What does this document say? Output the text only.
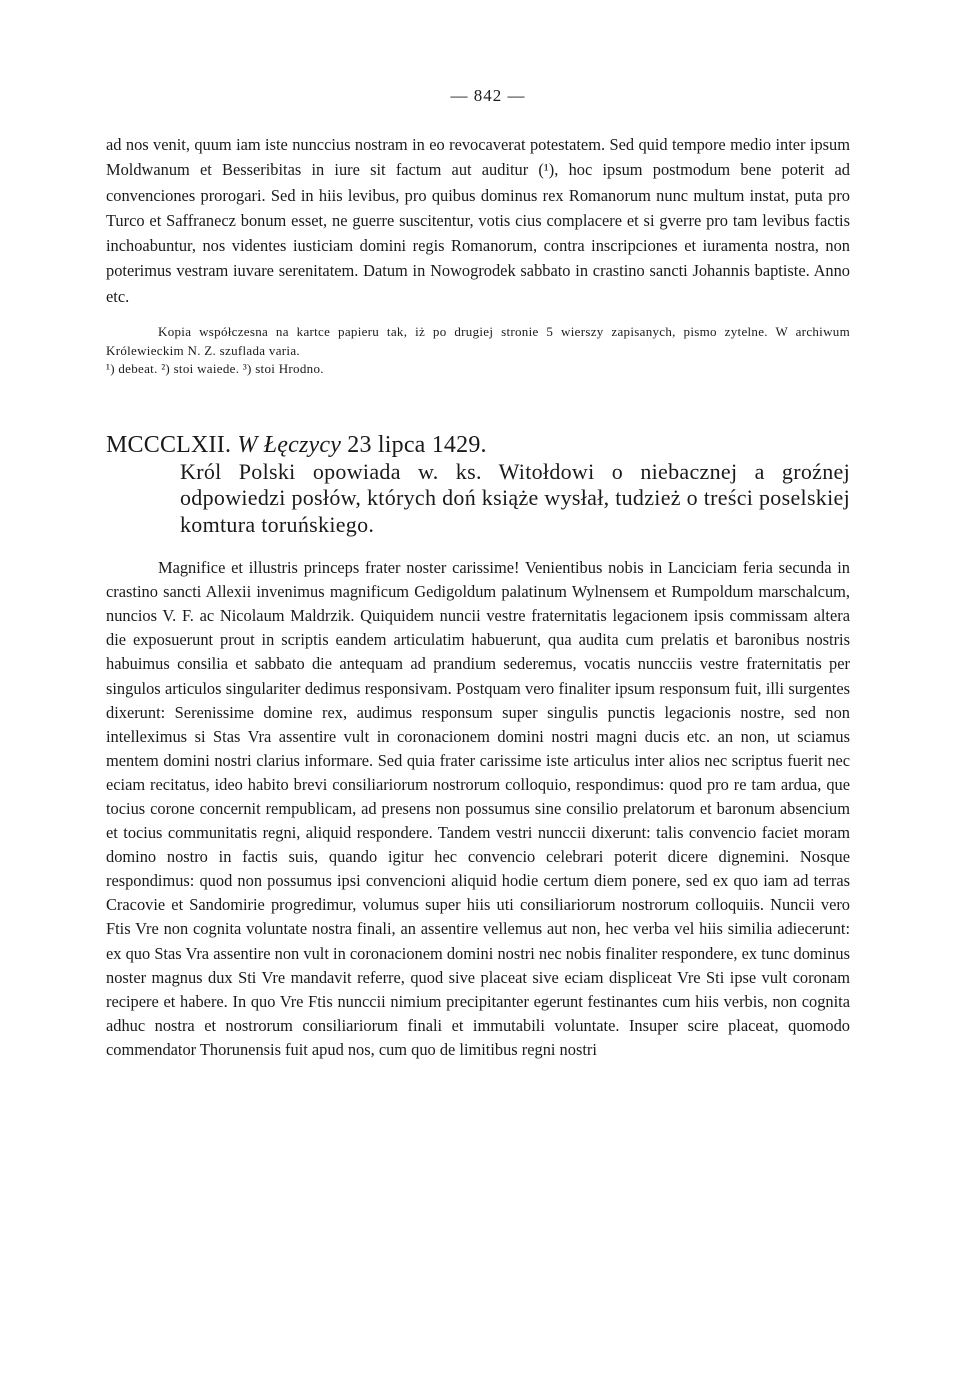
— 842 —
ad nos venit, quum iam iste nunccius nostram in eo revocaverat potestatem. Sed quid tempore medio inter ipsum Moldwanum et Besseribitas in iure sit factum aut auditur (¹), hoc ipsum postmodum bene poterit ad convenciones prorogari. Sed in hiis levibus, pro quibus dominus rex Romanorum nunc multum instat, puta pro Turco et Saffranecz bonum esset, ne guerre suscitentur, votis cius complacere et si gverre pro tam levibus factis inchoabuntur, nos videntes iusticiam domini regis Romanorum, contra inscripciones et iuramenta nostra, non poterimus vestram iuvare serenitatem. Datum in Nowogrodek sabbato in crastino sancti Johannis baptiste. Anno etc.

Kopia współczesna na kartce papieru tak, iż po drugiej stronie 5 wierszy zapisanych, pismo zytelne. W archiwum Królewieckim N. Z. szuflada varia.

¹) debeat. ²) stoi waiede. ³) stoi Hrodno.

MCCCLXII. W Łęczycy 23 lipca 1429.
Król Polski opowiada w. ks. Witołdowi o niebacznej a groźnej odpowiedzi posłów, których doń książe wysłał, tudzież o treści poselskiej komtura toruńskiego.
Magnifice et illustris princeps frater noster carissime! Venientibus nobis in Lanciciam feria secunda in crastino sancti Allexii invenimus magnificum Gedigoldum palatinum Wylnensem et Rumpoldum marschalcum, nuncios V. F. ac Nicolaum Maldrzik. Quiquidem nuncii vestre fraternitatis legacionem ipsis commissam altera die exposuerunt prout in scriptis eandem articulatim habuerunt, qua audita cum prelatis et baronibus nostris habuimus consilia et sabbato die antequam ad prandium sederemus, vocatis nuncciis vestre fraternitatis per singulos articulos singulariter dedimus responsivam. Postquam vero finaliter ipsum responsum fuit, illi surgentes dixerunt: Serenissime domine rex, audimus responsum super singulis punctis legacionis nostre, sed non intelleximus si Stas Vra assentire vult in coronacionem domini nostri magni ducis etc. an non, ut sciamus mentem domini nostri clarius informare. Sed quia frater carissime iste articulus inter alios nec scriptus fuerit nec eciam recitatus, ideo habito brevi consiliariorum nostrorum colloquio, respondimus: quod pro re tam ardua, que tocius corone concernit rempublicam, ad presens non possumus sine consilio prelatorum et baronum absencium et tocius communitatis regni, aliquid respondere. Tandem vestri nunccii dixerunt: talis convencio faciet moram domino nostro in factis suis, quando igitur hec convencio celebrari poterit dicere dignemini. Nosque respondimus: quod non possumus ipsi convencioni aliquid hodie certum diem ponere, sed ex quo iam ad terras Cracovie et Sandomirie progredimur, volumus super hiis uti consiliariorum nostrorum colloquiis. Nuncii vero Ftis Vre non cognita voluntate nostra finali, an assentire vellemus aut non, hec verba vel hiis similia adiecerunt: ex quo Stas Vra assentire non vult in coronacionem domini nostri nec nobis finaliter respondere, ex tunc dominus noster magnus dux Sti Vre mandavit referre, quod sive placeat sive eciam displiceat Vre Sti ipse vult coronam recipere et habere. In quo Vre Ftis nunccii nimium precipitanter egerunt festinantes cum hiis verbis, non cognita adhuc nostra et nostrorum consiliariorum finali et immutabili voluntate. Insuper scire placeat, quomodo commendator Thorunensis fuit apud nos, cum quo de limitibus regni nostri
